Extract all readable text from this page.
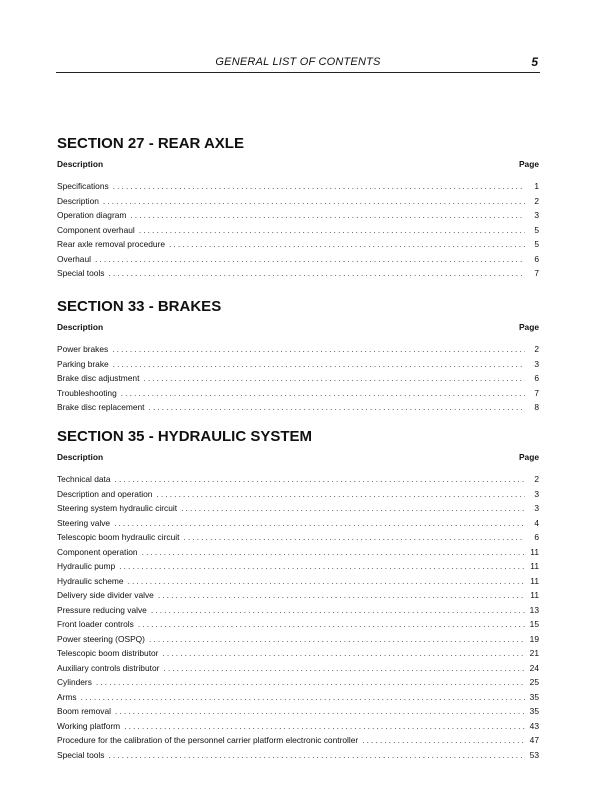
GENERAL LIST OF CONTENTS	5
SECTION 27 - REAR AXLE
Description	Page
Specifications .....	1
Description .....	2
Operation diagram .....	3
Component overhaul .....	5
Rear axle removal procedure .....	5
Overhaul .....	6
Special tools .....	7
SECTION 33 - BRAKES
Description	Page
Power brakes .....	2
Parking brake .....	3
Brake disc adjustment .....	6
Troubleshooting .....	7
Brake disc replacement .....	8
SECTION 35 - HYDRAULIC SYSTEM
Description	Page
Technical data .....	2
Description and operation .....	3
Steering system hydraulic circuit .....	3
Steering valve .....	4
Telescopic boom hydraulic circuit .....	6
Component operation .....	11
Hydraulic pump .....	11
Hydraulic scheme .....	11
Delivery side divider valve .....	11
Pressure reducing valve .....	13
Front loader controls .....	15
Power steering (OSPQ) .....	19
Telescopic boom distributor .....	21
Auxiliary controls distributor .....	24
Cylinders .....	25
Arms .....	35
Boom removal .....	35
Working platform .....	43
Procedure for the calibration of the personnel carrier platform electronic controller .....	47
Special tools .....	53
